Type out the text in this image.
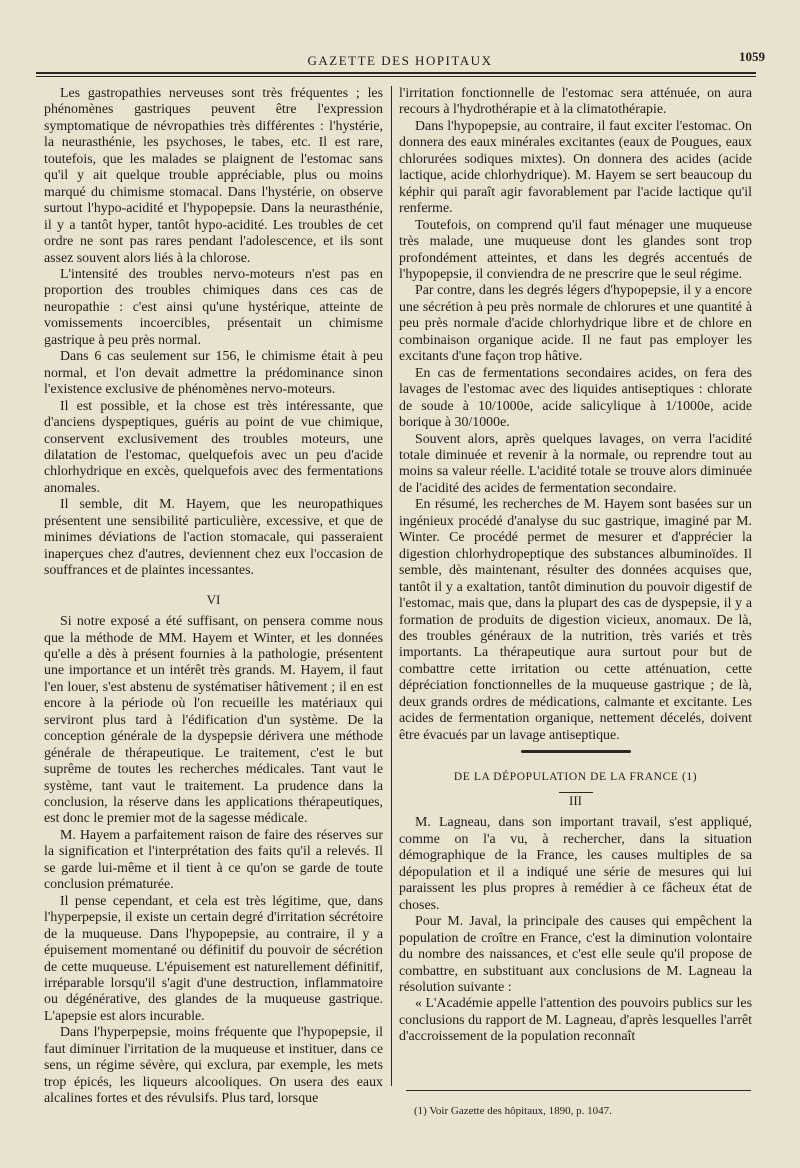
GAZETTE DES HOPITAUX	1059

Les gastropathies nerveuses sont très fréquentes ; les phénomènes gastriques peuvent être l'expression symptomatique de névropathies très différentes : l'hystérie, la neurasthénie, les psychoses, le tabes, etc. Il est rare, toutefois, que les malades se plaignent de l'estomac sans qu'il y ait quelque trouble appréciable, plus ou moins marqué du chimisme stomacal. Dans l'hystérie, on observe surtout l'hypo-acidité et l'hypopepsie. Dans la neurasthénie, il y a tantôt hyper, tantôt hypo-acidité. Les troubles de cet ordre ne sont pas rares pendant l'adolescence, et ils sont assez souvent alors liés à la chlorose.

L'intensité des troubles nervo-moteurs n'est pas en proportion des troubles chimiques dans ces cas de neuropathie : c'est ainsi qu'une hystérique, atteinte de vomissements incoercibles, présentait un chimisme gastrique à peu près normal.

Dans 6 cas seulement sur 156, le chimisme était à peu normal, et l'on devait admettre la prédominance sinon l'existence exclusive de phénomènes nervo-moteurs.

Il est possible, et la chose est très intéressante, que d'anciens dyspeptiques, guéris au point de vue chimique, conservent exclusivement des troubles moteurs, une dilatation de l'estomac, quelquefois avec un peu d'acide chlorhydrique en excès, quelquefois avec des fermentations anomales.

Il semble, dit M. Hayem, que les neuropathiques présentent une sensibilité particulière, excessive, et que de minimes déviations de l'action stomacale, qui passeraient inaperçues chez d'autres, deviennent chez eux l'occasion de souffrances et de plaintes incessantes.

VI

Si notre exposé a été suffisant, on pensera comme nous que la méthode de MM. Hayem et Winter, et les données qu'elle a dès à présent fournies à la pathologie, présentent une importance et un intérêt très grands. M. Hayem, il faut l'en louer, s'est abstenu de systématiser hâtivement ; il en est encore à la période où l'on recueille les matériaux qui serviront plus tard à l'édification d'un système. De la conception générale de la dyspepsie dérivera une méthode générale de thérapeutique. Le traitement, c'est le but suprême de toutes les recherches médicales. Tant vaut le système, tant vaut le traitement. La prudence dans la conclusion, la réserve dans les applications thérapeutiques, est donc le premier mot de la sagesse médicale.

M. Hayem a parfaitement raison de faire des réserves sur la signification et l'interprétation des faits qu'il a relevés. Il se garde lui-même et il tient à ce qu'on se garde de toute conclusion prématurée.

Il pense cependant, et cela est très légitime, que, dans l'hyperpepsie, il existe un certain degré d'irritation sécrétoire de la muqueuse. Dans l'hypopepsie, au contraire, il y a épuisement momentané ou définitif du pouvoir de sécrétion de cette muqueuse. L'épuisement est naturellement définitif, irréparable lorsqu'il s'agit d'une destruction, inflammatoire ou dégénérative, des glandes de la muqueuse gastrique. L'apepsie est alors incurable.

Dans l'hyperpepsie, moins fréquente que l'hypopepsie, il faut diminuer l'irritation de la muqueuse et instituer, dans ce sens, un régime sévère, qui exclura, par exemple, les mets trop épicés, les liqueurs alcooliques. On usera des eaux alcalines fortes et des révulsifs. Plus tard, lorsque

l'irritation fonctionnelle de l'estomac sera atténuée, on aura recours à l'hydrothérapie et à la climatothérapie.

Dans l'hypopepsie, au contraire, il faut exciter l'estomac. On donnera des eaux minérales excitantes (eaux de Pougues, eaux chlorurées sodiques mixtes). On donnera des acides (acide lactique, acide chlorhydrique). M. Hayem se sert beaucoup du képhir qui paraît agir favorablement par l'acide lactique qu'il renferme.

Toutefois, on comprend qu'il faut ménager une muqueuse très malade, une muqueuse dont les glandes sont trop profondément atteintes, et dans les degrés accentués de l'hypopepsie, il conviendra de ne prescrire que le seul régime.

Par contre, dans les degrés légers d'hypopepsie, il y a encore une sécrétion à peu près normale de chlorures et une quantité à peu près normale d'acide chlorhydrique libre et de chlore en combinaison organique acide. Il ne faut pas employer les excitants d'une façon trop hâtive.

En cas de fermentations secondaires acides, on fera des lavages de l'estomac avec des liquides antiseptiques : chlorate de soude à 10/1000e, acide salicylique à 1/1000e, acide borique à 30/1000e.

Souvent alors, après quelques lavages, on verra l'acidité totale diminuée et revenir à la normale, ou reprendre tout au moins sa valeur réelle. L'acidité totale se trouve alors diminuée de l'acidité des acides de fermentation secondaire.

En résumé, les recherches de M. Hayem sont basées sur un ingénieux procédé d'analyse du suc gastrique, imaginé par M. Winter. Ce procédé permet de mesurer et d'apprécier la digestion chlorhydropeptique des substances albuminoïdes. Il semble, dès maintenant, résulter des données acquises que, tantôt il y a exaltation, tantôt diminution du pouvoir digestif de l'estomac, mais que, dans la plupart des cas de dyspepsie, il y a formation de produits de digestion vicieux, anomaux. De là, des troubles généraux de la nutrition, très variés et très importants. La thérapeutique aura surtout pour but de combattre cette irritation ou cette atténuation, cette dépréciation fonctionnelles de la muqueuse gastrique ; de là, deux grands ordres de médications, calmante et excitante. Les acides de fermentation organique, nettement décelés, doivent être évacués par un lavage antiseptique.

DE LA DÉPOPULATION DE LA FRANCE (1)

III

M. Lagneau, dans son important travail, s'est appliqué, comme on l'a vu, à rechercher, dans la situation démographique de la France, les causes multiples de sa dépopulation et il a indiqué une série de mesures qui lui paraissent les plus propres à remédier à ce fâcheux état de choses.

Pour M. Javal, la principale des causes qui empêchent la population de croître en France, c'est la diminution volontaire du nombre des naissances, et c'est elle seule qu'il propose de combattre, en substituant aux conclusions de M. Lagneau la résolution suivante :

« L'Académie appelle l'attention des pouvoirs publics sur les conclusions du rapport de M. Lagneau, d'après lesquelles l'arrêt d'accroissement de la population reconnaît

(1) Voir Gazette des hôpitaux, 1890, p. 1047.
